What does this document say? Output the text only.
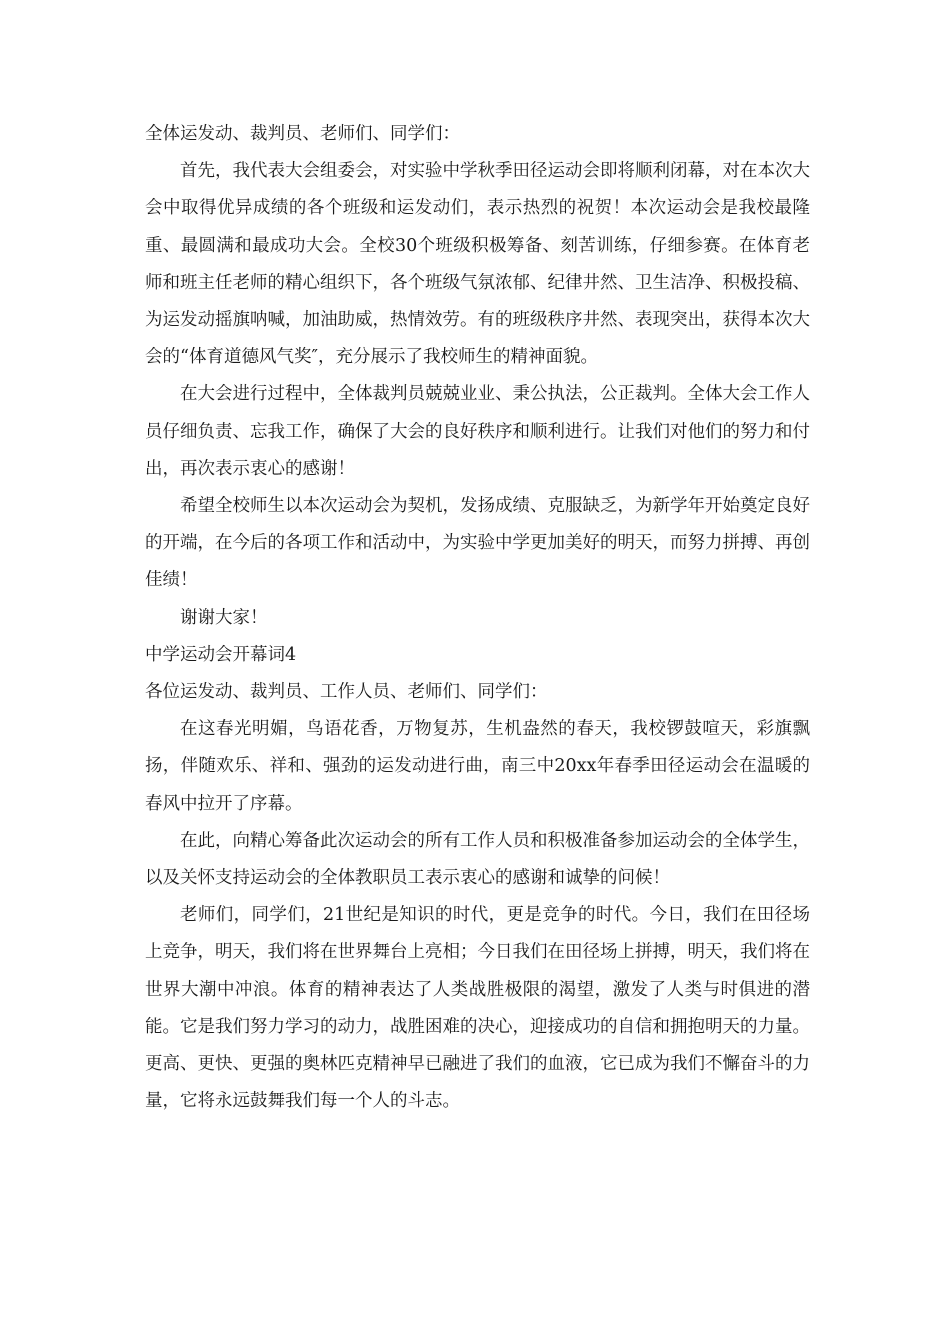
全体运发动、裁判员、老师们、同学们：

首先，我代表大会组委会，对实验中学秋季田径运动会即将顺利闭幕，对在本次大会中取得优异成绩的各个班级和运发动们，表示热烈的祝贺！本次运动会是我校最隆重、最圆满和最成功大会。全校30个班级积极筹备、刻苦训练，仔细参赛。在体育老师和班主任老师的精心组织下，各个班级气氛浓郁、纪律井然、卫生洁净、积极投稿、为运发动摇旗呐喊，加油助威，热情效劳。有的班级秩序井然、表现突出，获得本次大会的“体育道德风气奖″，充分展示了我校师生的精神面貌。

在大会进行过程中，全体裁判员兢兢业业、秉公执法，公正裁判。全体大会工作人员仔细负责、忘我工作，确保了大会的良好秩序和顺利进行。让我们对他们的努力和付出，再次表示衷心的感谢！

希望全校师生以本次运动会为契机，发扬成绩、克服缺乏，为新学年开始奠定良好的开端，在今后的各项工作和活动中，为实验中学更加美好的明天，而努力拼搏、再创佳绩！

谢谢大家！

中学运动会开幕词4

各位运发动、裁判员、工作人员、老师们、同学们：

在这春光明媚，鸟语花香，万物复苏，生机盎然的春天，我校锣鼓喧天，彩旗飘扬，伴随欢乐、祥和、强劲的运发动进行曲，南三中20xx年春季田径运动会在温暖的春风中拉开了序幕。

在此，向精心筹备此次运动会的所有工作人员和积极准备参加运动会的全体学生，以及关怀支持运动会的全体教职员工表示衷心的感谢和诚挚的问候！

老师们，同学们，21世纪是知识的时代，更是竞争的时代。今日，我们在田径场上竞争，明天，我们将在世界舞台上亮相；今日我们在田径场上拼搏，明天，我们将在世界大潮中冲浪。体育的精神表达了人类战胜极限的渴望，激发了人类与时俱进的潜能。它是我们努力学习的动力，战胜困难的决心，迎接成功的自信和拥抱明天的力量。更高、更快、更强的奥林匹克精神早已融进了我们的血液，它已成为我们不懈奋斗的力量，它将永远鼓舞我们每一个人的斗志。
